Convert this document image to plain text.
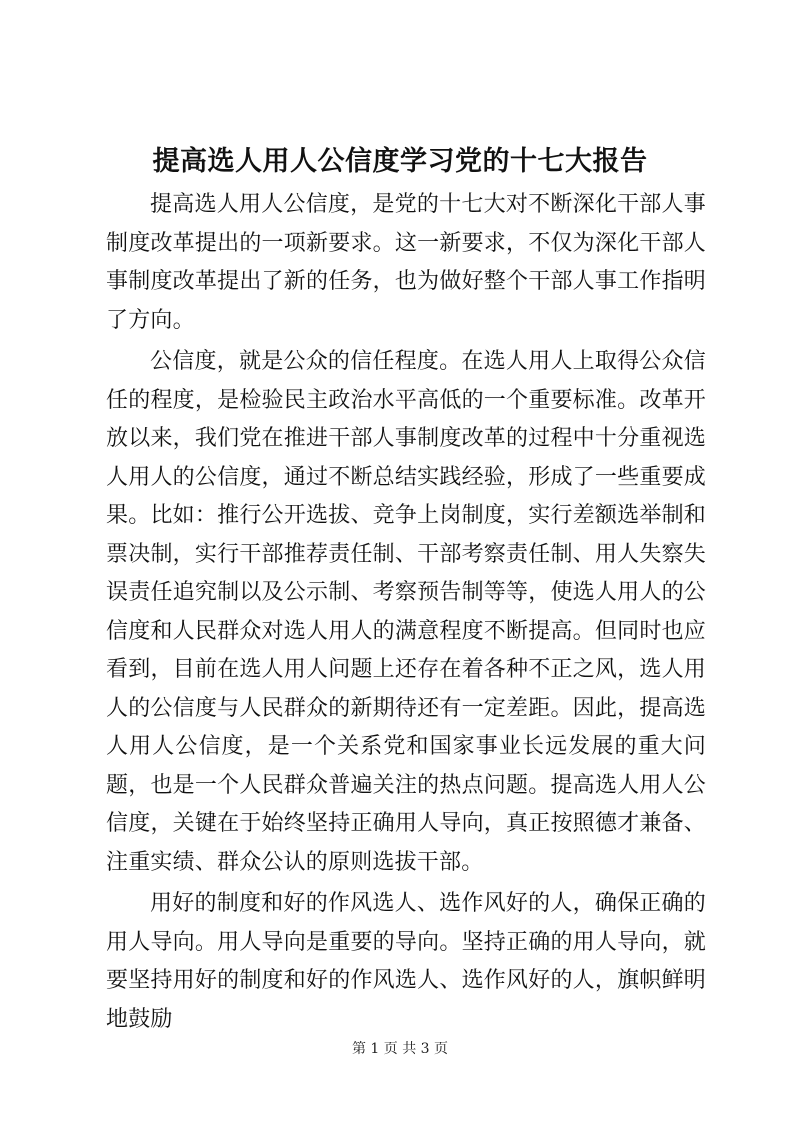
提高选人用人公信度学习党的十七大报告

提高选人用人公信度，是党的十七大对不断深化干部人事制度改革提出的一项新要求。这一新要求，不仅为深化干部人事制度改革提出了新的任务，也为做好整个干部人事工作指明了方向。

公信度，就是公众的信任程度。在选人用人上取得公众信任的程度，是检验民主政治水平高低的一个重要标准。改革开放以来，我们党在推进干部人事制度改革的过程中十分重视选人用人的公信度，通过不断总结实践经验，形成了一些重要成果。比如：推行公开选拔、竞争上岗制度，实行差额选举制和票决制，实行干部推荐责任制、干部考察责任制、用人失察失误责任追究制以及公示制、考察预告制等等，使选人用人的公信度和人民群众对选人用人的满意程度不断提高。但同时也应看到，目前在选人用人问题上还存在着各种不正之风，选人用人的公信度与人民群众的新期待还有一定差距。因此，提高选人用人公信度，是一个关系党和国家事业长远发展的重大问题，也是一个人民群众普遍关注的热点问题。提高选人用人公信度，关键在于始终坚持正确用人导向，真正按照德才兼备、注重实绩、群众公认的原则选拔干部。

用好的制度和好的作风选人、选作风好的人，确保正确的用人导向。用人导向是重要的导向。坚持正确的用人导向，就要坚持用好的制度和好的作风选人、选作风好的人，旗帜鲜明地鼓励

第 1 页 共 3 页
